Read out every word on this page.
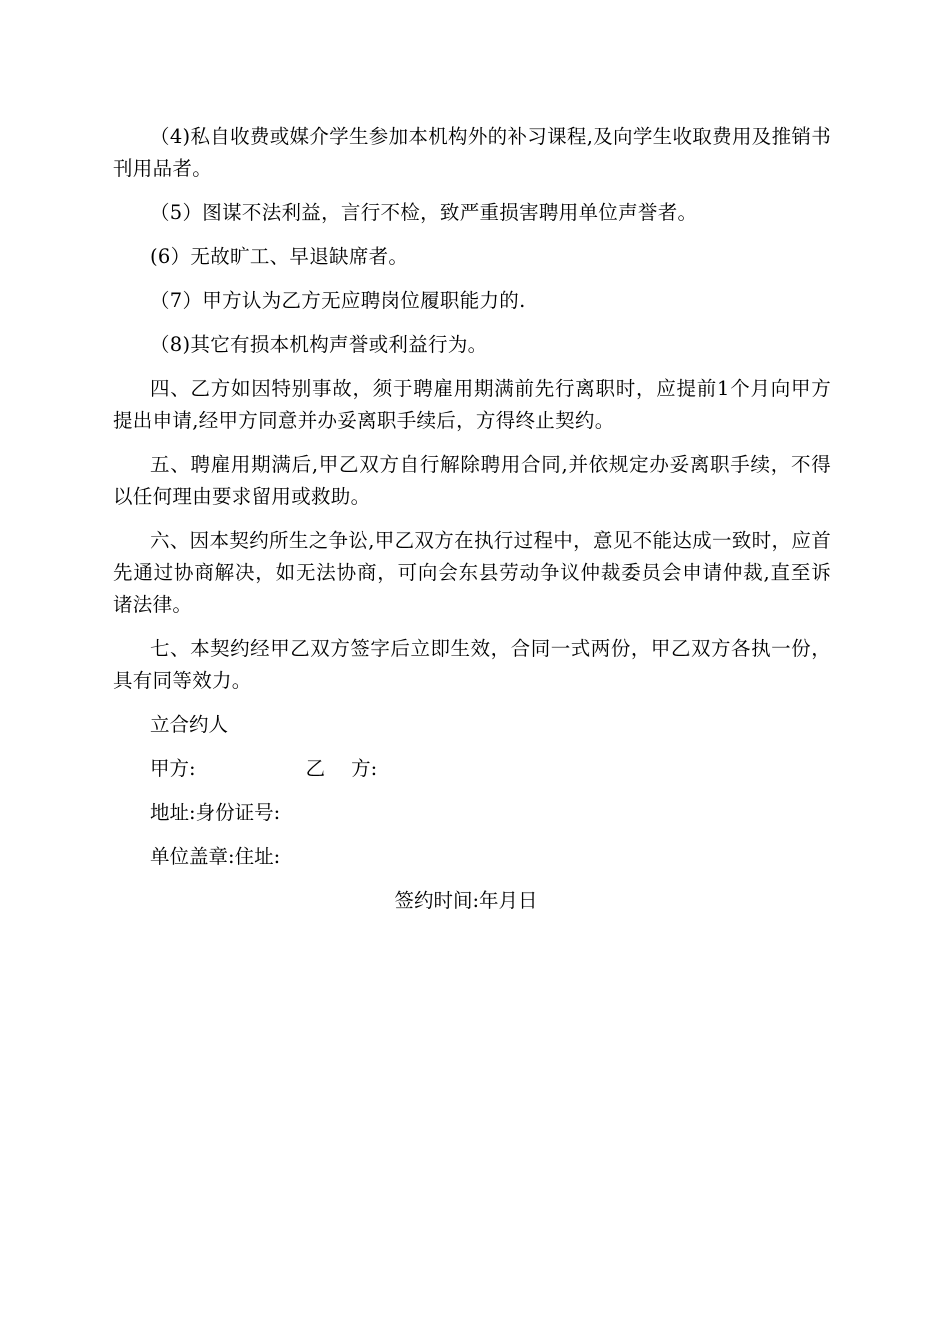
（4)私自收费或媒介学生参加本机构外的补习课程,及向学生收取费用及推销书刊用品者。

（5）图谋不法利益，言行不检，致严重损害聘用单位声誉者。

(6）无故旷工、早退缺席者。

（7）甲方认为乙方无应聘岗位履职能力的.

（8)其它有损本机构声誉或利益行为。

四、乙方如因特别事故，须于聘雇用期满前先行离职时，应提前1个月向甲方提出申请,经甲方同意并办妥离职手续后，方得终止契约。

五、聘雇用期满后,甲乙双方自行解除聘用合同,并依规定办妥离职手续，不得以任何理由要求留用或救助。

六、因本契约所生之争讼,甲乙双方在执行过程中，意见不能达成一致时，应首先通过协商解决，如无法协商，可向会东县劳动争议仲裁委员会申请仲裁,直至诉诸法律。

七、本契约经甲乙双方签字后立即生效，合同一式两份，甲乙双方各执一份，具有同等效力。

立合约人

甲方:	乙 方:

地址:身份证号:

单位盖章:住址:

签约时间:年月日
